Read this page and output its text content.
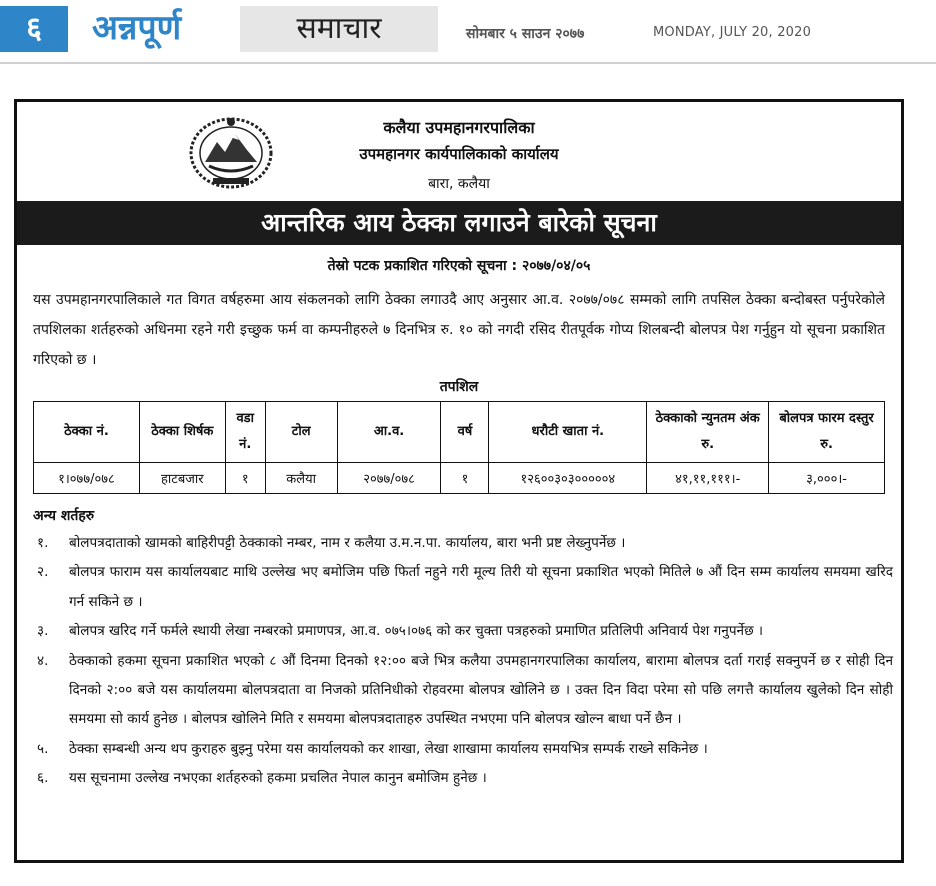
६	अन्नपूर्ण	समाचार	सोमबार ५ साउन २०७७	MONDAY, JULY 20, 2020
कलैया उपमहानगरपालिका
उपमहानगर कार्यपालिकाको कार्यालय
बारा, कलैया
आन्तरिक आय ठेक्का लगाउने बारेको सूचना
तेस्रो पटक प्रकाशित गरिएको सूचना : २०७७/०४/०५

यस उपमहानगरपालिकाले गत विगत वर्षहरुमा आय संकलनको लागि ठेक्का लगाउदै आए अनुसार आ.व. २०७७/०७८ सम्मको लागि तपसिल ठेक्का बन्दोबस्त पर्नुपरेकोले तपशिलका शर्तहरुको अधिनमा रहने गरी इच्छुक फर्म वा कम्पनीहरुले ७ दिनभित्र रु. १० को नगदी रसिद रीतपूर्वक गोप्य शिलबन्दी बोलपत्र पेश गर्नुहुन यो सूचना प्रकाशित गरिएको छ ।

तपशिल
ठेक्का नं.	ठेक्का शिर्षक	वडा नं.	टोल	आ.व.	वर्ष	धरौटी खाता नं.	ठेक्काको न्युनतम अंक रु.	बोलपत्र फारम दस्तुर रु.
१।०७७/०७८	हाटबजार	१	कलैया	२०७७/०७८	१	१२६००३०३०००००४	४१,११,१११।-	३,०००।-
अन्य शर्तहरु
१. बोलपत्रदाताको खामको बाहिरीपट्टी ठेक्काको नम्बर, नाम र कलैया उ.म.न.पा. कार्यालय, बारा भनी प्रष्ट लेख्नुपर्नेछ ।
२. बोलपत्र फाराम यस कार्यालयबाट माथि उल्लेख भए बमोजिम पछि फिर्ता नहुने गरी मूल्य तिरी यो सूचना प्रकाशित भएको मितिले ७ औं दिन सम्म कार्यालय समयमा खरिद गर्न सकिने छ ।
३. बोलपत्र खरिद गर्ने फर्मले स्थायी लेखा नम्बरको प्रमाणपत्र, आ.व. ०७५।०७६ को कर चुक्ता पत्रहरुको प्रमाणित प्रतिलिपी अनिवार्य पेश गनुपर्नेछ ।
४. ठेक्काको हकमा सूचना प्रकाशित भएको ८ औं दिनमा दिनको १२:०० बजे भित्र कलैया उपमहानगरपालिका कार्यालय, बारामा बोलपत्र दर्ता गराई सक्नुपर्ने छ र सोही दिन दिनको २:०० बजे यस कार्यालयमा बोलपत्रदाता वा निजको प्रतिनिधीको रोहवरमा बोलपत्र खोलिने छ । उक्त दिन विदा परेमा सो पछि लगत्तै कार्यालय खुलेको दिन सोही समयमा सो कार्य हुनेछ । बोलपत्र खोलिने मिति र समयमा बोलपत्रदाताहरु उपस्थित नभएमा पनि बोलपत्र खोल्न बाधा पर्ने छैन ।
५. ठेक्का सम्बन्धी अन्य थप कुराहरु बुझ्नु परेमा यस कार्यालयको कर शाखा, लेखा शाखामा कार्यालय समयभित्र सम्पर्क राख्ने सकिनेछ ।
६. यस सूचनामा उल्लेख नभएका शर्तहरुको हकमा प्रचलित नेपाल कानुन बमोजिम हुनेछ ।
